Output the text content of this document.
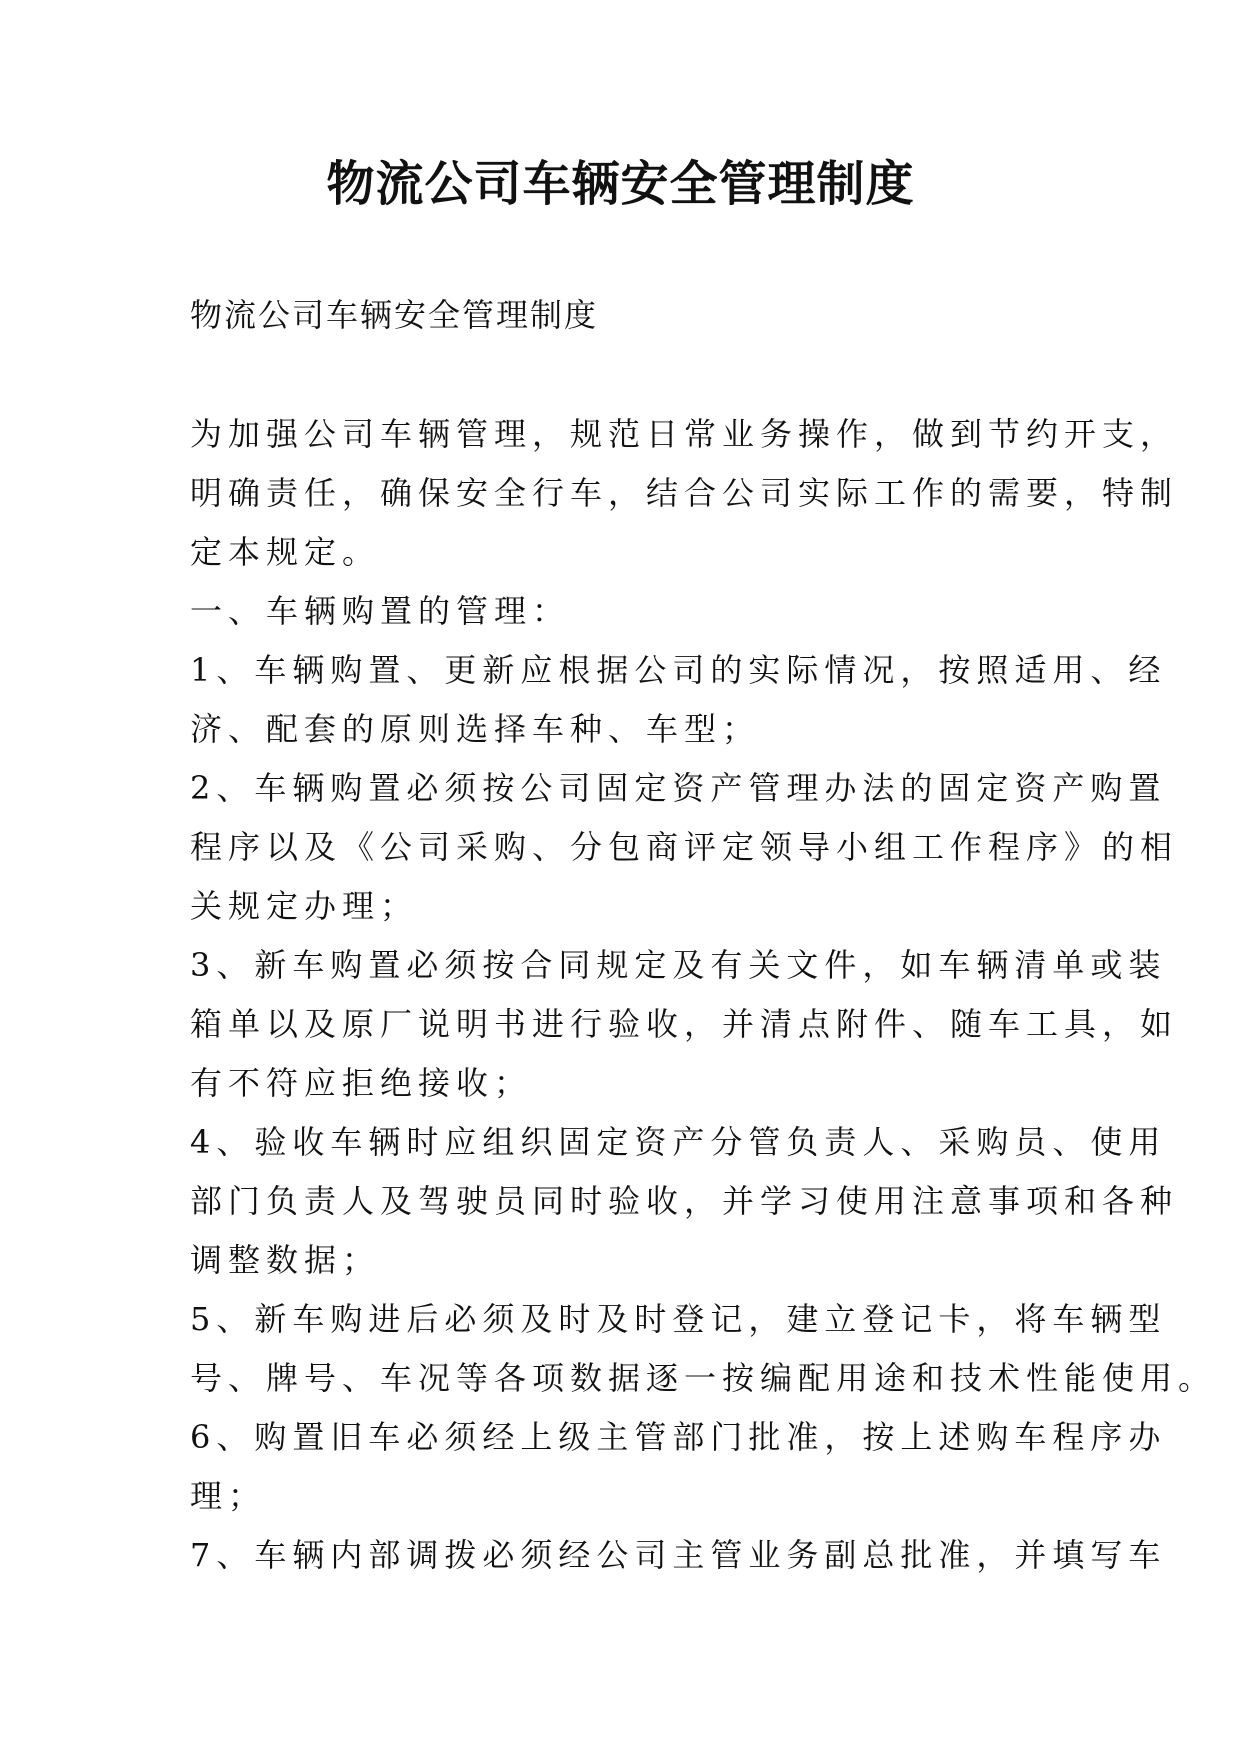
物流公司车辆安全管理制度

物流公司车辆安全管理制度

为加强公司车辆管理，规范日常业务操作，做到节约开支，

明确责任，确保安全行车，结合公司实际工作的需要，特制

定本规定。

一、车辆购置的管理：

1、车辆购置、更新应根据公司的实际情况，按照适用、经

济、配套的原则选择车种、车型；

2、车辆购置必须按公司固定资产管理办法的固定资产购置

程序以及《公司采购、分包商评定领导小组工作程序》的相

关规定办理；

3、新车购置必须按合同规定及有关文件，如车辆清单或装

箱单以及原厂说明书进行验收，并清点附件、随车工具，如

有不符应拒绝接收；

4、验收车辆时应组织固定资产分管负责人、采购员、使用

部门负责人及驾驶员同时验收，并学习使用注意事项和各种

调整数据；

5、新车购进后必须及时及时登记，建立登记卡，将车辆型

号、牌号、车况等各项数据逐一按编配用途和技术性能使用。

6、购置旧车必须经上级主管部门批准，按上述购车程序办

理；

7、车辆内部调拨必须经公司主管业务副总批准，并填写车
